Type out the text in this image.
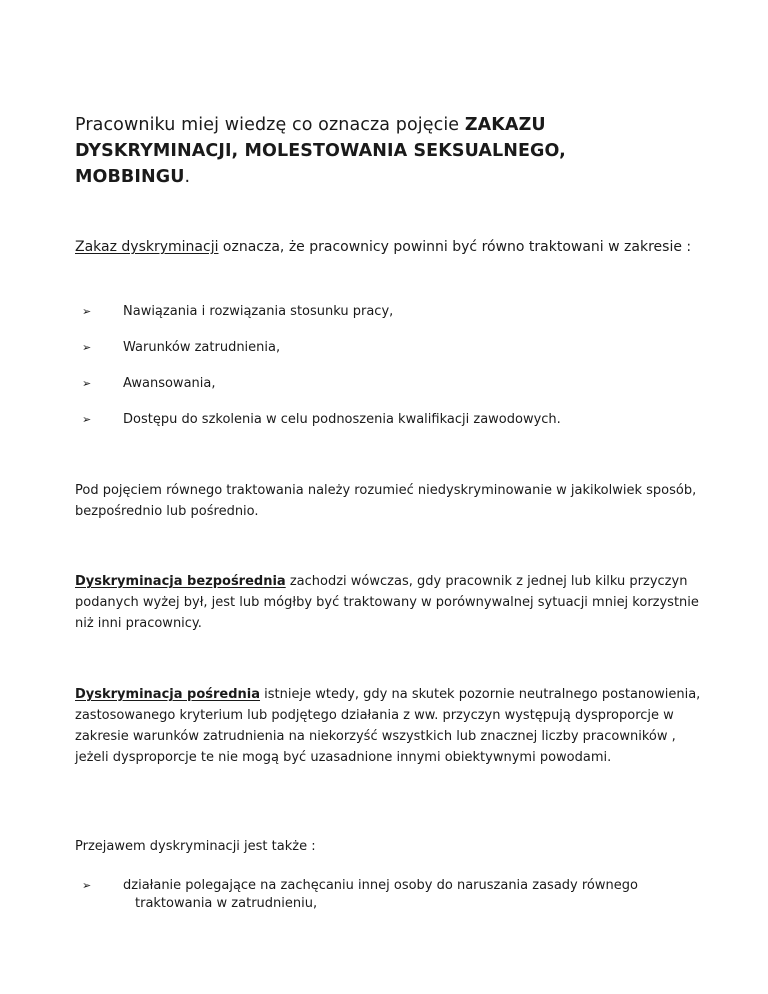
Pracowniku miej wiedzę co oznacza pojęcie ZAKAZU
DYSKRYMINACJI, MOLESTOWANIA SEKSUALNEGO,
MOBBINGU.
Zakaz dyskryminacji oznacza, że pracownicy powinni być równo traktowani w zakresie :
➢ Nawiązania i rozwiązania stosunku pracy,
➢ Warunków zatrudnienia,
➢ Awansowania,
➢ Dostępu do szkolenia w celu podnoszenia kwalifikacji zawodowych.
Pod pojęciem równego traktowania należy rozumieć niedyskryminowanie w jakikolwiek sposób, bezpośrednio lub pośrednio.
Dyskryminacja bezpośrednia zachodzi wówczas, gdy pracownik z jednej lub kilku przyczyn podanych wyżej był, jest lub mógłby być traktowany w porównywalnej sytuacji mniej korzystnie niż inni pracownicy.
Dyskryminacja pośrednia istnieje wtedy, gdy na skutek pozornie neutralnego postanowienia, zastosowanego kryterium lub podjętego działania z ww. przyczyn występują dysproporcje w zakresie warunków zatrudnienia na niekorzyść wszystkich lub znacznej liczby pracowników , jeżeli dysproporcje te nie mogą być uzasadnione innymi obiektywnymi powodami.
Przejawem dyskryminacji jest także :
➢ działanie polegające na zachęcaniu innej osoby do naruszania zasady równego
traktowania w zatrudnieniu,
